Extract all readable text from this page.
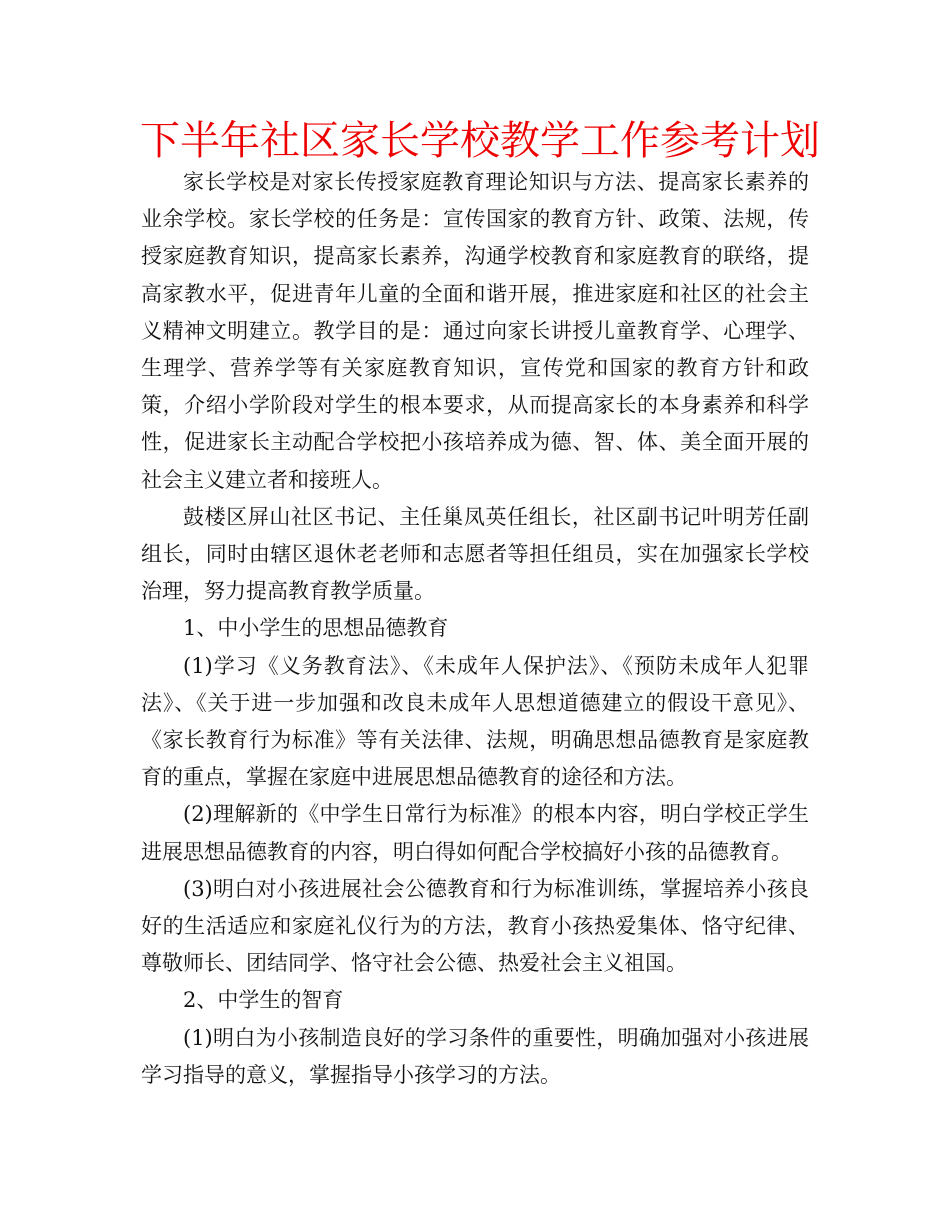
下半年社区家长学校教学工作参考计划

家长学校是对家长传授家庭教育理论知识与方法、提高家长素养的业余学校。家长学校的任务是：宣传国家的教育方针、政策、法规，传授家庭教育知识，提高家长素养，沟通学校教育和家庭教育的联络，提高家教水平，促进青年儿童的全面和谐开展，推进家庭和社区的社会主义精神文明建立。教学目的是：通过向家长讲授儿童教育学、心理学、生理学、营养学等有关家庭教育知识，宣传党和国家的教育方针和政策，介绍小学阶段对学生的根本要求，从而提高家长的本身素养和科学性，促进家长主动配合学校把小孩培养成为德、智、体、美全面开展的社会主义建立者和接班人。

鼓楼区屏山社区书记、主任巢凤英任组长，社区副书记叶明芳任副组长，同时由辖区退休老老师和志愿者等担任组员，实在加强家长学校治理，努力提高教育教学质量。

1、中小学生的思想品德教育

(1)学习《义务教育法》、《未成年人保护法》、《预防未成年人犯罪法》、《关于进一步加强和改良未成年人思想道德建立的假设干意见》、《家长教育行为标准》等有关法律、法规，明确思想品德教育是家庭教育的重点，掌握在家庭中进展思想品德教育的途径和方法。

(2)理解新的《中学生日常行为标准》的根本内容，明白学校正学生进展思想品德教育的内容，明白得如何配合学校搞好小孩的品德教育。

(3)明白对小孩进展社会公德教育和行为标准训练，掌握培养小孩良好的生活适应和家庭礼仪行为的方法，教育小孩热爱集体、恪守纪律、尊敬师长、团结同学、恪守社会公德、热爱社会主义祖国。

2、中学生的智育

(1)明白为小孩制造良好的学习条件的重要性，明确加强对小孩进展学习指导的意义，掌握指导小孩学习的方法。
